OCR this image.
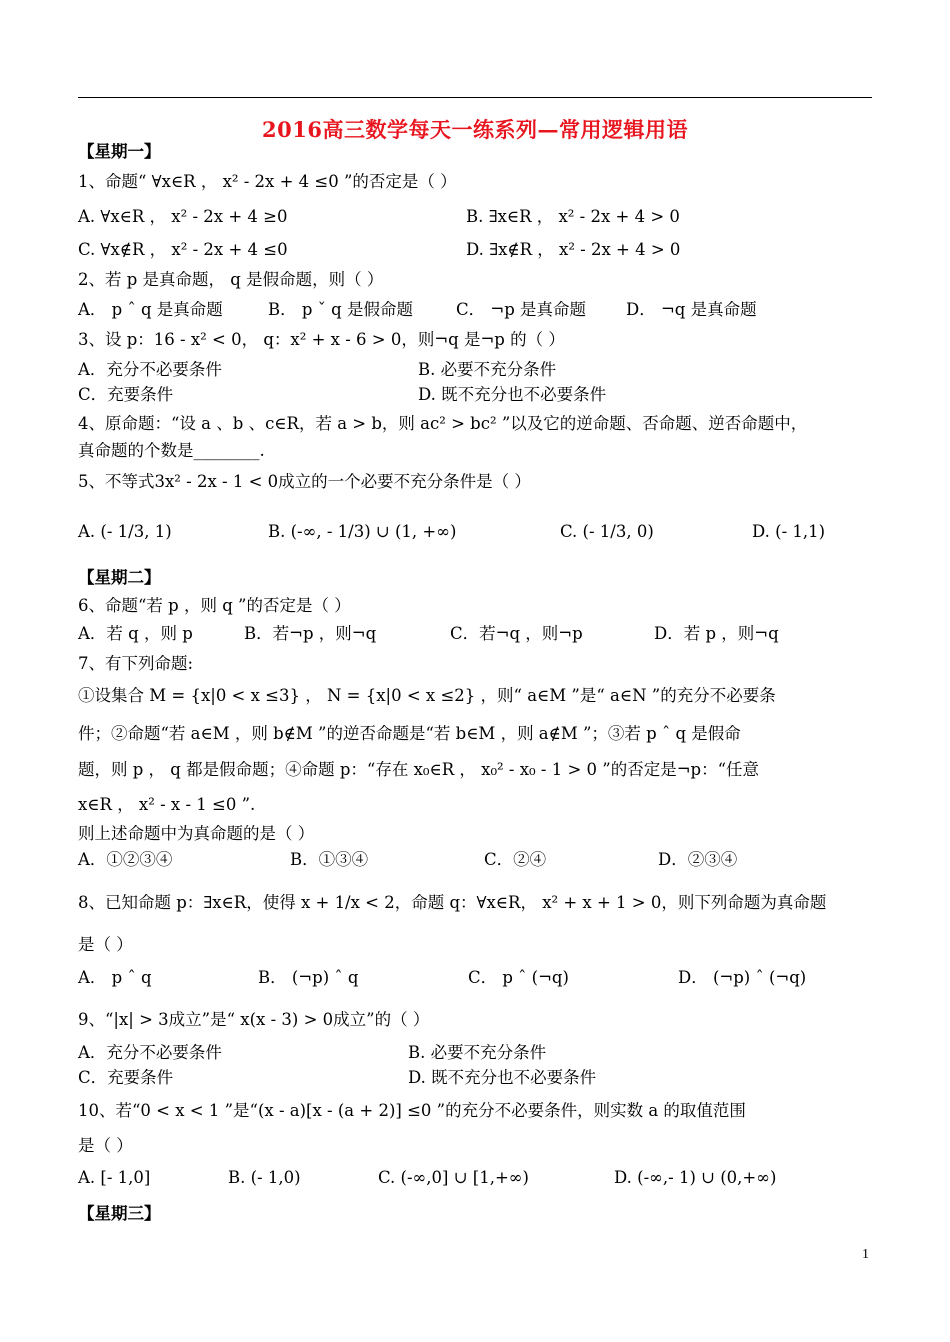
2016高三数学每天一练系列—常用逻辑用语
【星期一】
1、命题“ ∀x∈R ， x² - 2x + 4 ≤0 ”的否定是（ ）
A. ∀x∈R ， x² - 2x + 4 ≥0	B. ∃x∈R ， x² - 2x + 4 > 0
C. ∀x∉R ， x² - 2x + 4 ≤0	D. ∃x∉R ， x² - 2x + 4 > 0
2、若 p 是真命题， q 是假命题，则（ ）
A． p ˆ q 是真命题	B． p ˇ q 是假命题	C． ¬p 是真命题 D． ¬q 是真命题
3、设 p：16 - x² < 0， q：x² + x - 6 > 0，则¬q 是¬p 的（ ）
A．充分不必要条件	B. 必要不充分条件
C．充要条件	D. 既不充分也不必要条件
4、原命题：“设 a 、b 、c∈R，若 a > b，则 ac² > bc² ”以及它的逆命题、否命题、逆否命题中，
真命题的个数是________.
5、不等式3x² - 2x - 1 < 0成立的一个必要不充分条件是（ ）
A. (- 1/3, 1)	B. (-∞, - 1/3) ∪ (1, +∞)	C. (- 1/3, 0)	D. (- 1,1)
【星期二】
6、命题“若 p ，则 q ”的否定是（ ）
A．若 q ，则 p	B．若¬p ，则¬q	C．若¬q ，则¬p	D．若 p ，则¬q
7、有下列命题:
①设集合 M = {x|0 < x ≤3} ， N = {x|0 < x ≤2} ，则“ a∈M ”是“ a∈N ”的充分不必要条
件；②命题“若 a∈M ，则 b∉M ”的逆否命题是“若 b∈M ，则 a∉M ”；③若 p ˆ q 是假命
题，则 p ， q 都是假命题；④命题 p：“存在 x₀∈R ， x₀² - x₀ - 1 > 0 ”的否定是¬p：“任意
x∈R ， x² - x - 1 ≤0 ”.
则上述命题中为真命题的是（ ）
A．①②③④	B．①③④	C．②④	D．②③④
8、已知命题 p：∃x∈R，使得 x + 1/x < 2，命题 q：∀x∈R， x² + x + 1 > 0，则下列命题为真命题
是（ ）
A． p ˆ q	B． (¬p) ˆ q	C． p ˆ (¬q)	D． (¬p) ˆ (¬q)
9、“|x| > 3成立”是“ x(x - 3) > 0成立”的（ ）
A．充分不必要条件	B. 必要不充分条件
C．充要条件	D. 既不充分也不必要条件
10、若“0 < x < 1 ”是“(x - a)[x - (a + 2)] ≤0 ”的充分不必要条件，则实数 a 的取值范围
是（ ）
A. [- 1,0]	B. (- 1,0)	C. (-∞,0] ∪ [1,+∞)	D. (-∞,- 1) ∪ (0,+∞)
【星期三】
1
